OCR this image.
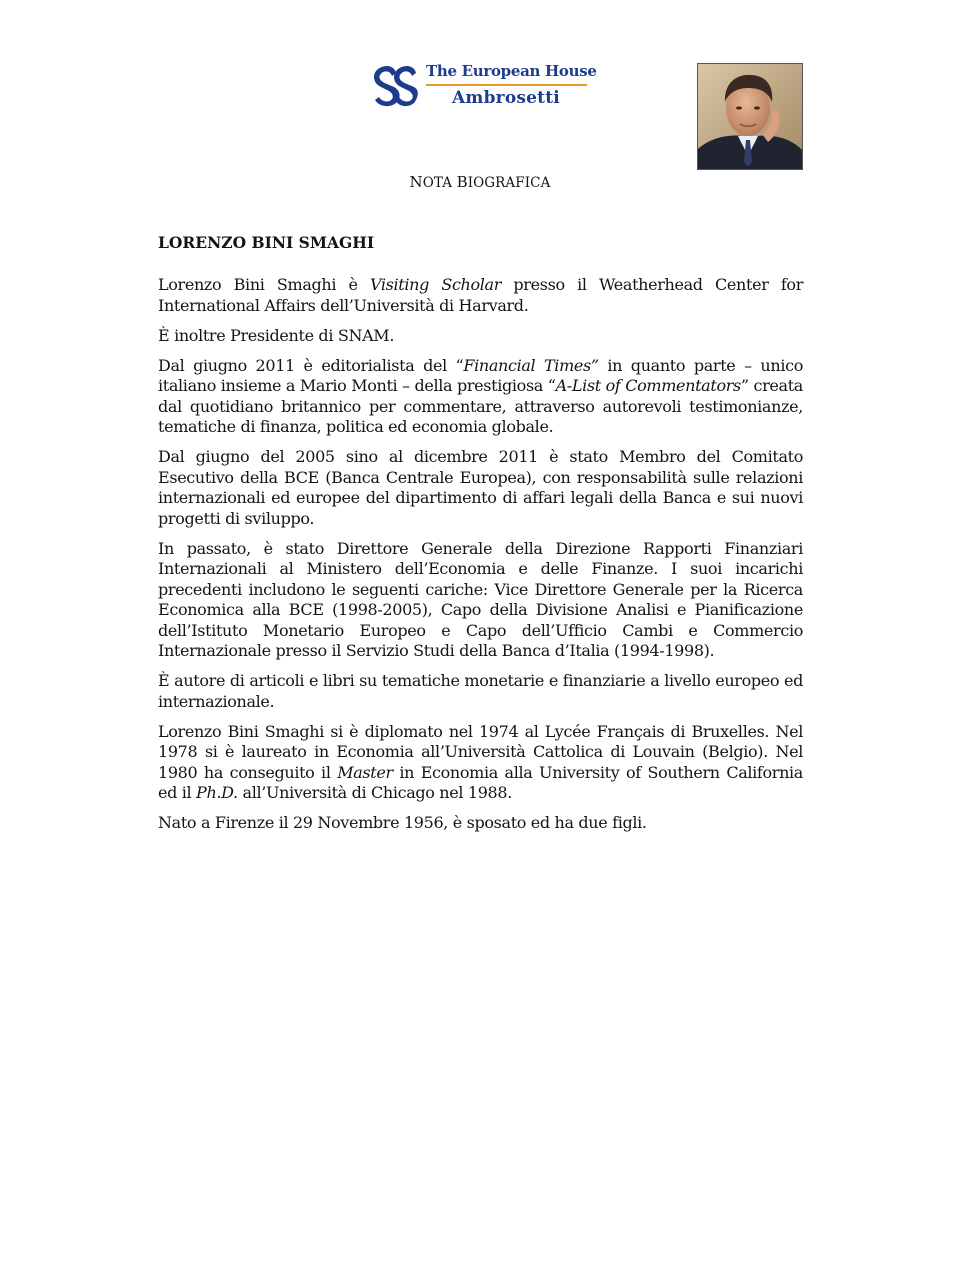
The European House
Ambrosetti
NOTA BIOGRAFICA
LORENZO BINI SMAGHI

Lorenzo Bini Smaghi è Visiting Scholar presso il Weatherhead Center for International Affairs dell’Università di Harvard.

È inoltre Presidente di SNAM.

Dal giugno 2011 è editorialista del “Financial Times” in quanto parte – unico italiano insieme a Mario Monti – della prestigiosa “A-List of Commentators” creata dal quotidiano britannico per commentare, attraverso autorevoli testimonianze, tematiche di finanza, politica ed economia globale.

Dal giugno del 2005 sino al dicembre 2011 è stato Membro del Comitato Esecutivo della BCE (Banca Centrale Europea), con responsabilità sulle relazioni internazionali ed europee del dipartimento di affari legali della Banca e sui nuovi progetti di sviluppo.

In passato, è stato Direttore Generale della Direzione Rapporti Finanziari Internazionali al Ministero dell’Economia e delle Finanze. I suoi incarichi precedenti includono le seguenti cariche: Vice Direttore Generale per la Ricerca Economica alla BCE (1998-2005), Capo della Divisione Analisi e Pianificazione dell’Istituto Monetario Europeo e Capo dell’Ufficio Cambi e Commercio Internazionale presso il Servizio Studi della Banca d’Italia (1994-1998).

È autore di articoli e libri su tematiche monetarie e finanziarie a livello europeo ed internazionale.

Lorenzo Bini Smaghi si è diplomato nel 1974 al Lycée Français di Bruxelles. Nel 1978 si è laureato in Economia all’Università Cattolica di Louvain (Belgio). Nel 1980 ha conseguito il Master in Economia alla University of Southern California ed il Ph.D. all’Università di Chicago nel 1988.

Nato a Firenze il 29 Novembre 1956, è sposato ed ha due figli.
